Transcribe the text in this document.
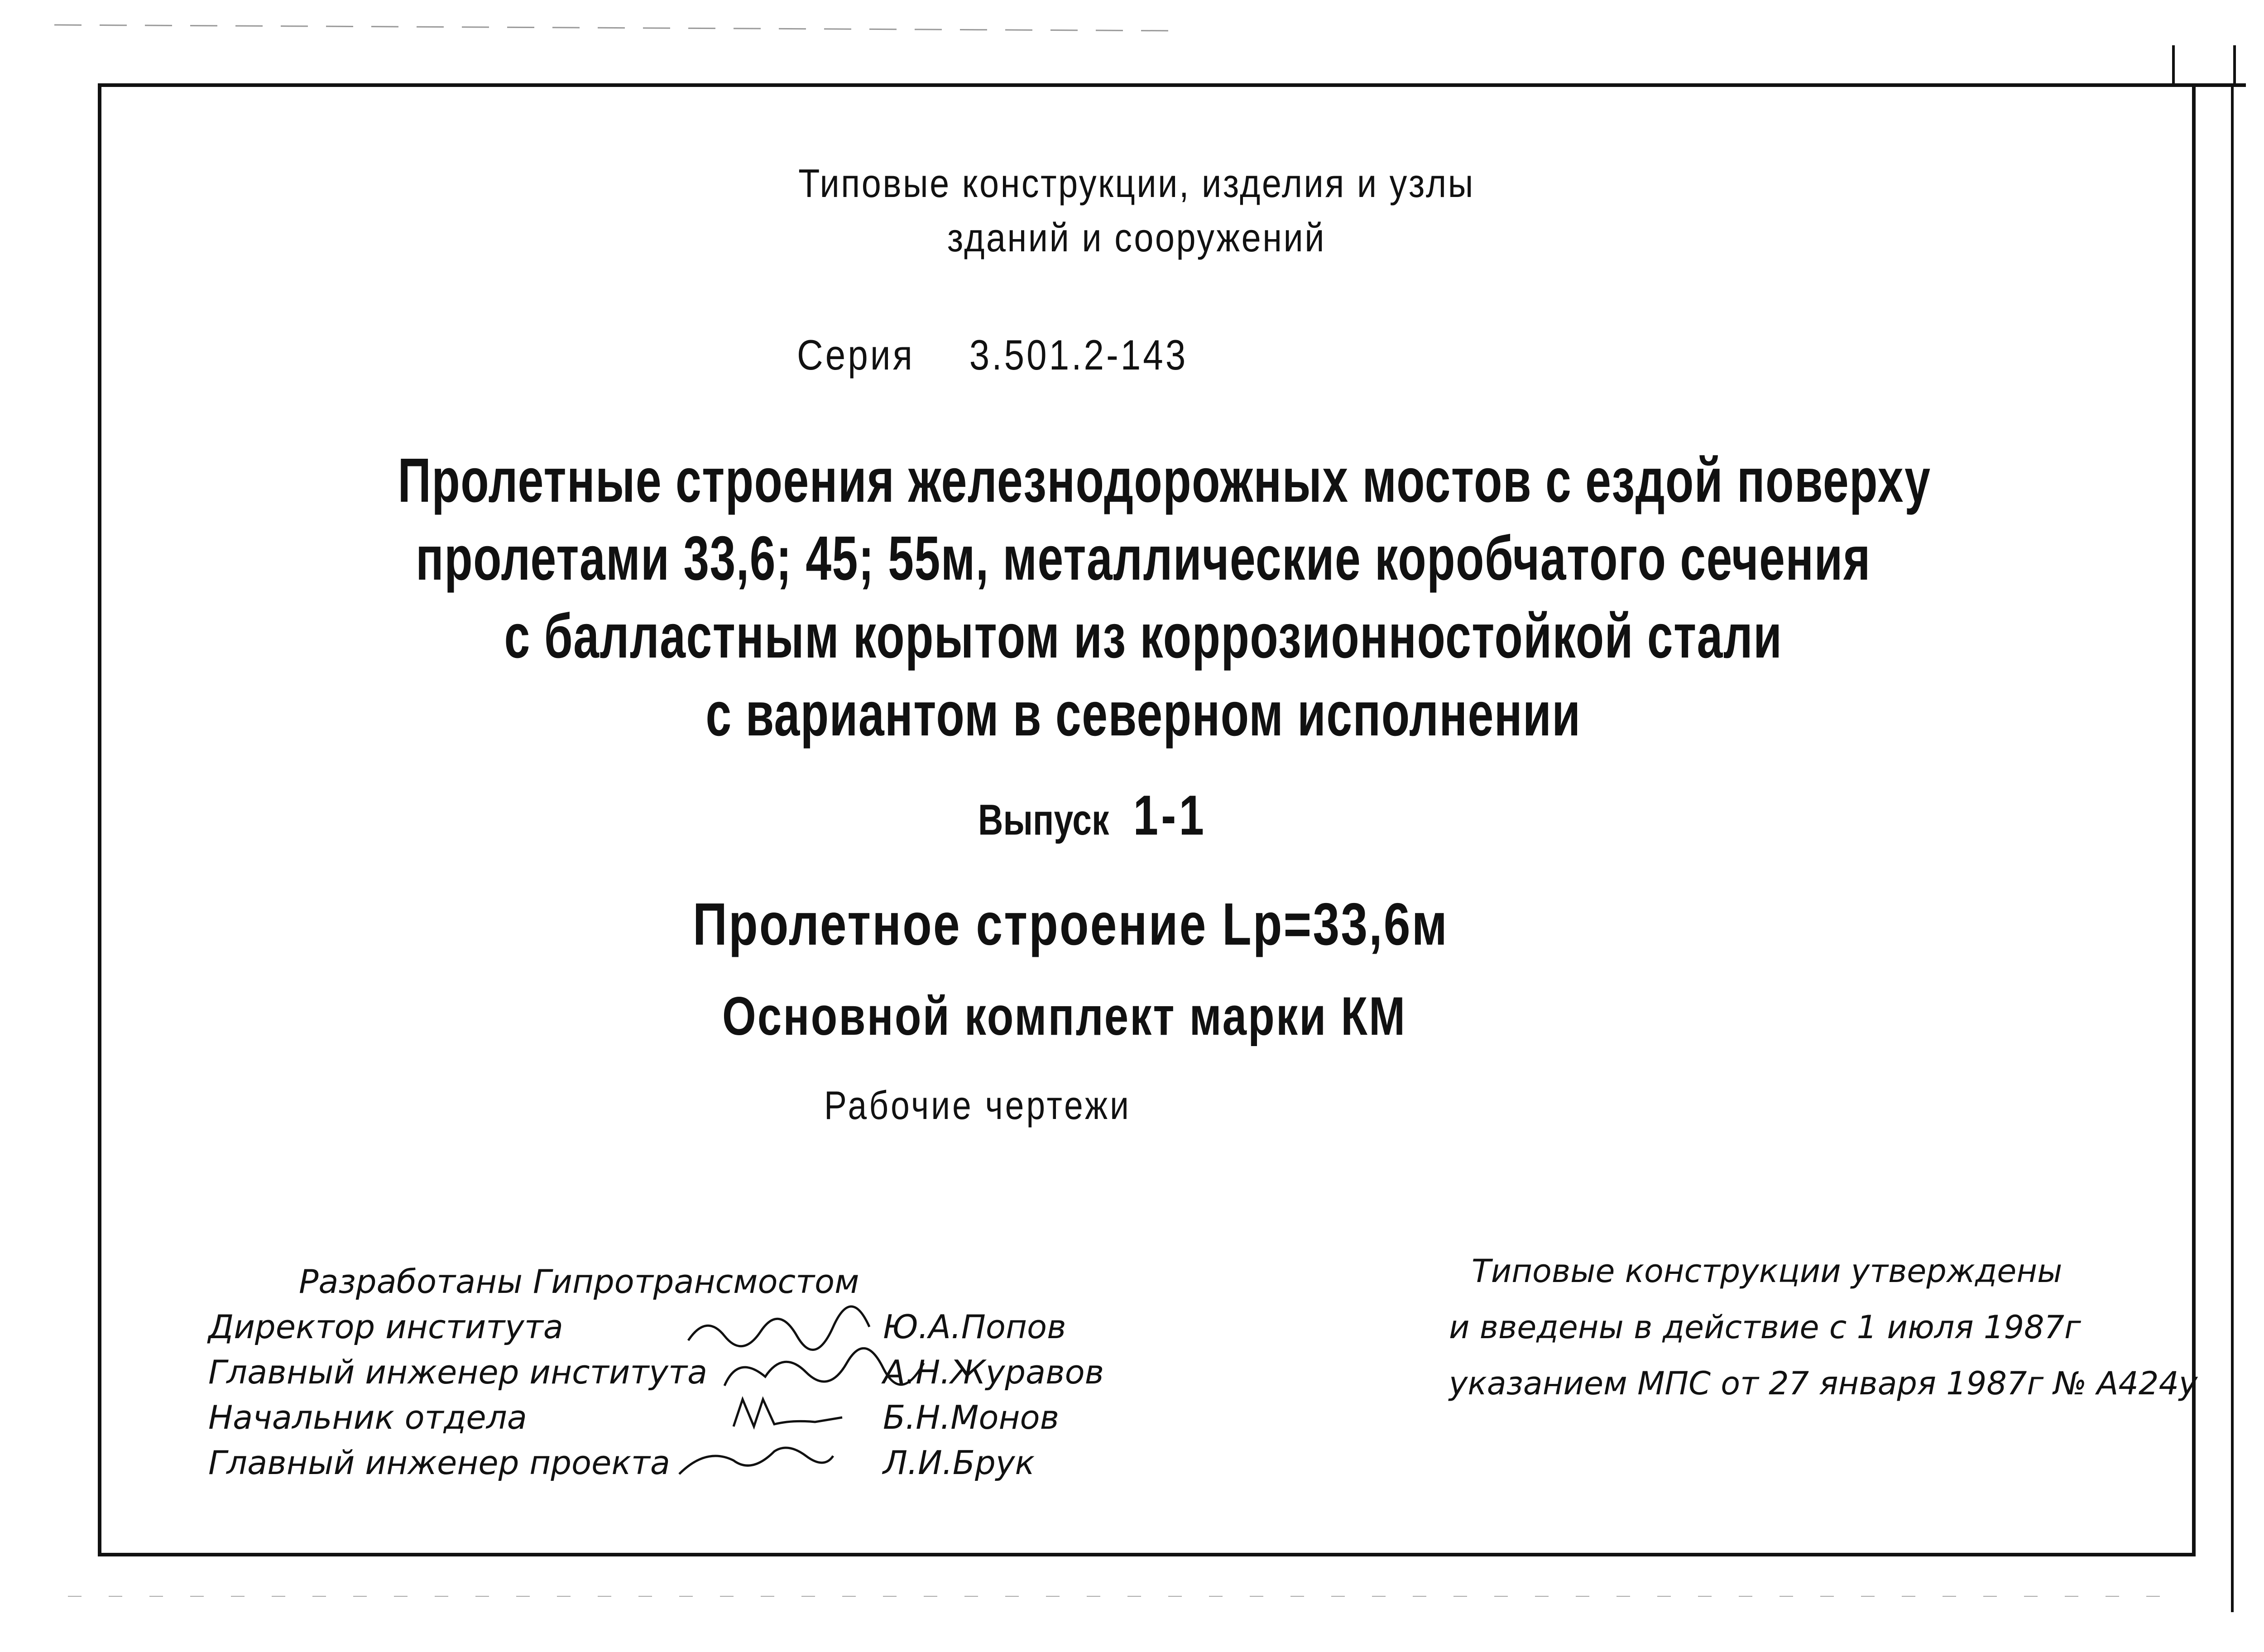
Типовые конструкции, изделия и узлы
зданий и сооружений
Серия 3.501.2-143
Пролетные строения железнодорожных мостов с ездой поверху
пролетами 33,6; 45; 55м, металлические коробчатого сечения
с балластным корытом из коррозионностойкой стали
с вариантом в северном исполнении
Выпуск 1-1
Пролетное строение Lp=33,6м
Основной комплект марки КМ
Рабочие чертежи
Разработаны Гипротрансмостом
Директор института	Ю.А.Попов
Главный инженер института	А.Н.Журавов
Начальник отдела	Б.Н.Монов
Главный инженер проекта	Л.И.Брук
Типовые конструкции утверждены
и введены в действие с 1 июля 1987г
указанием МПС от 27 января 1987г № А424у
